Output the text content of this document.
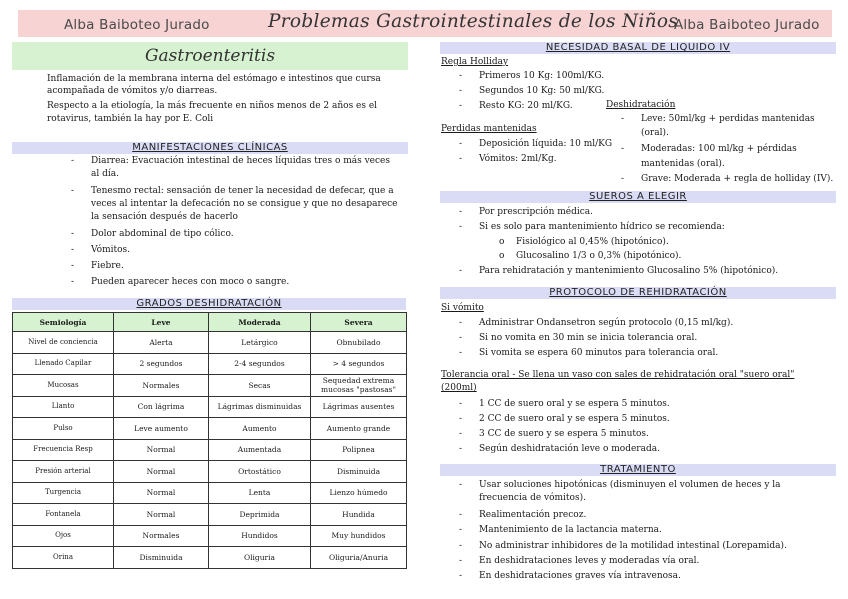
Alba Baiboteo Jurado	Problemas Gastrointestinales de los Niños
Alba Baiboteo Jurado
Gastroenteritis
Inflamación de la membrana interna del estómago e intestinos que cursa
acompañada de vómitos y/o diarreas.
Respecto a la etiología, la más frecuente en niños menos de 2 años es el
rotavirus, también la hay por E. Coli
MANIFESTACIONES CLÍNICAS
- Diarrea: Evacuación intestinal de heces líquidas tres o más veces
al día.
- Tenesmo rectal: sensación de tener la necesidad de defecar, que a
veces al intentar la defecación no se consigue y que no desaparece
la sensación después de hacerlo
- Dolor abdominal de tipo cólico.
- Vómitos.
- Fiebre.
- Pueden aparecer heces con moco o sangre.
GRADOS DESHIDRATACIÓN
Semiología	Leve	Moderada	Severa
Nivel de conciencia	Alerta	Letárgico	Obnubilado
Llenado Capilar	2 segundos	2-4 segundos	> 4 segundos
Mucosas	Normales	Secas	Sequedad extrema mucosas "pastosas"
Llanto	Con lágrima	Lágrimas disminuidas	Lágrimas ausentes
Pulso	Leve aumento	Aumento	Aumento grande
Frecuencia Resp	Normal	Aumentada	Polipnea
Presión arterial	Normal	Ortostático	Disminuida
Turgencia	Normal	Lenta	Lienzo húmedo
Fontanela	Normal	Deprimida	Hundida
Ojos	Normales	Hundidos	Muy hundidos
Orina	Disminuida	Oliguria	Oliguria/Anuria
NECESIDAD BASAL DE LIQUIDO IV
Regla Holliday
- Primeros 10 Kg: 100ml/KG.
- Segundos 10 Kg: 50 ml/KG.
- Resto KG: 20 ml/KG.	Deshidratación
- Leve: 50ml/kg + perdidas mantenidas
(oral).
Perdidas mantenidas
- Deposición líquida: 10 ml/KG	- Moderadas: 100 ml/kg + pérdidas
- Vómitos: 2ml/Kg.	mantenidas (oral).
- Grave: Moderada + regla de holliday (IV).
SUEROS A ELEGIR
- Por prescripción médica.
- Si es solo para mantenimiento hídrico se recomienda:
o Fisiológico al 0,45% (hipotónico).
o Glucosalino 1/3 o 0,3% (hipotónico).
- Para rehidratación y mantenimiento Glucosalino 5% (hipotónico).
PROTOCOLO DE REHIDRATACIÓN
Si vómito
- Administrar Ondansetron según protocolo (0,15 ml/kg).
- Si no vomita en 30 min se inicia tolerancia oral.
- Si vomita se espera 60 minutos para tolerancia oral.
Tolerancia oral - Se llena un vaso con sales de rehidratación oral "suero oral"
(200ml)
- 1 CC de suero oral y se espera 5 minutos.
- 2 CC de suero oral y se espera 5 minutos.
- 3 CC de suero y se espera 5 minutos.
- Según deshidratación leve o moderada.
TRATAMIENTO
- Usar soluciones hipotónicas (disminuyen el volumen de heces y la
frecuencia de vómitos).
- Realimentación precoz.
- Mantenimiento de la lactancia materna.
- No administrar inhibidores de la motilidad intestinal (Lorepamida).
- En deshidrataciones leves y moderadas vía oral.
- En deshidrataciones graves vía intravenosa.
